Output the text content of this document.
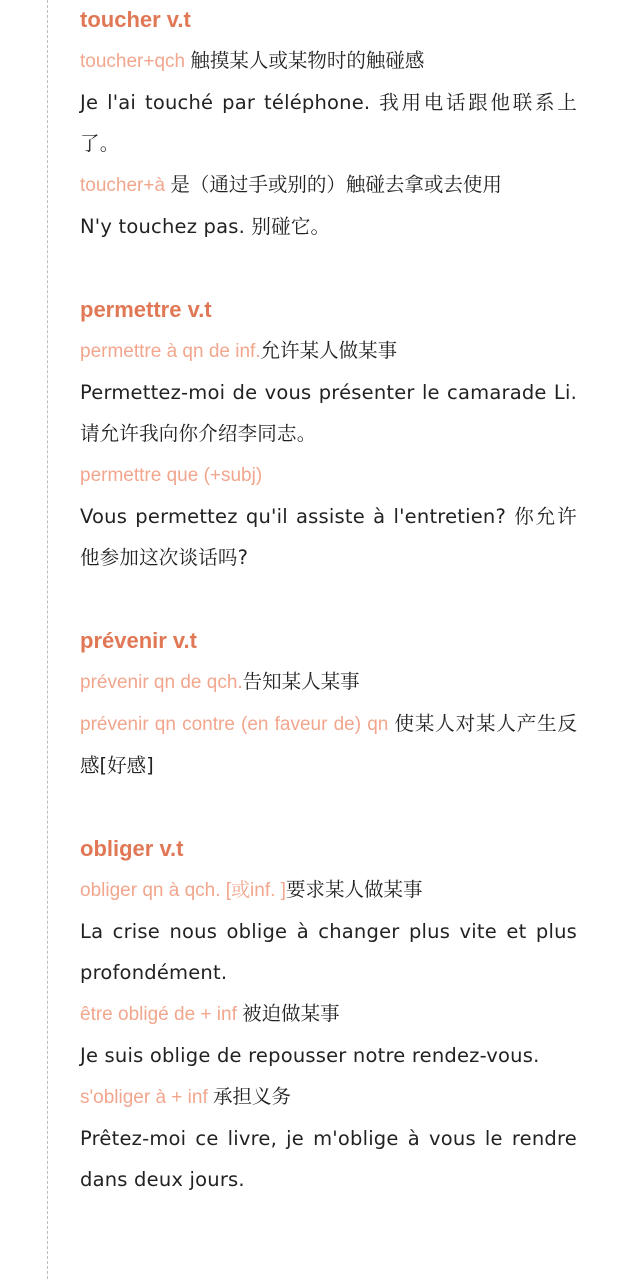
toucher v.t

toucher+qch 触摸某人或某物时的触碰感

Je l'ai touché par téléphone. 我用电话跟他联系上了。

toucher+à 是（通过手或别的）触碰去拿或去使用

N'y touchez pas. 别碰它。

permettre v.t

permettre à qn de inf.允许某人做某事

Permettez-moi de vous présenter le camarade Li. 请允许我向你介绍李同志。

permettre que (+subj)

Vous permettez qu'il assiste à l'entretien? 你允许他参加这次谈话吗?

prévenir v.t

prévenir qn de qch.告知某人某事

prévenir qn contre (en faveur de) qn 使某人对某人产生反感[好感]

obliger v.t

obliger qn à qch. [或inf. ]要求某人做某事

La crise nous oblige à changer plus vite et plus profondément.

être obligé de + inf 被迫做某事

Je suis oblige de repousser notre rendez-vous.

s'obliger à + inf 承担义务

Prêtez-moi ce livre, je m'oblige à vous le rendre dans deux jours.
